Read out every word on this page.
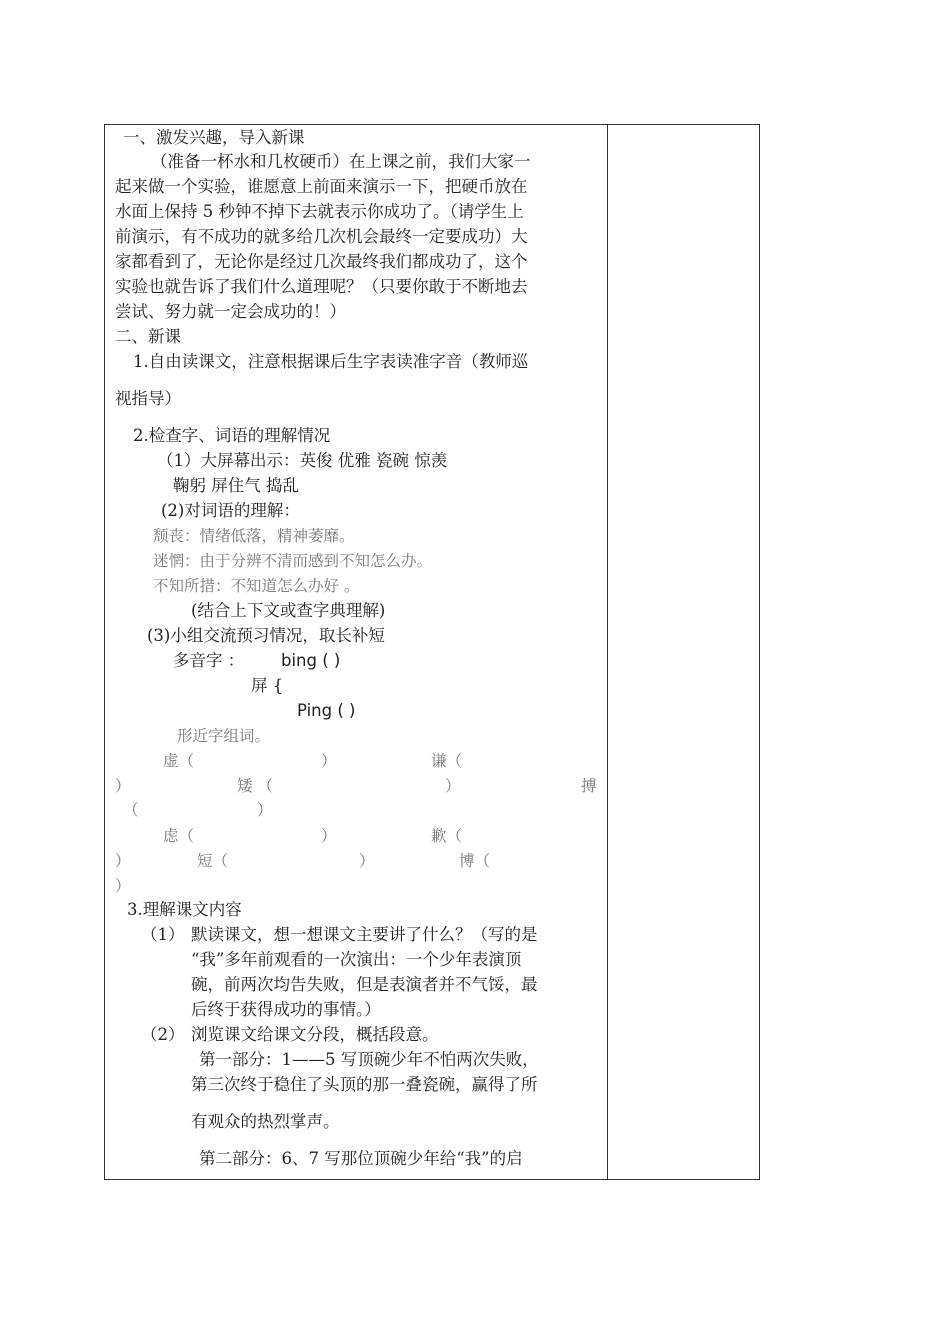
一、激发兴趣，导入新课
（准备一杯水和几枚硬币）在上课之前，我们大家一
起来做一个实验，谁愿意上前面来演示一下，把硬币放在
水面上保持 5 秒钟不掉下去就表示你成功了。（请学生上
前演示，有不成功的就多给几次机会最终一定要成功）大
家都看到了，无论你是经过几次最终我们都成功了，这个
实验也就告诉了我们什么道理呢？（只要你敢于不断地去
尝试、努力就一定会成功的！）
二、新课
1.自由读课文，注意根据课后生字表读准字音（教师巡
视指导）
2.检查字、词语的理解情况
（1）大屏幕出示：英俊 优雅 瓷碗 惊羡
鞠躬 屏住气 捣乱
(2)对词语的理解：
颓丧：情绪低落，精神萎靡。
迷惘：由于分辨不清而感到不知怎么办。
不知所措：不知道怎么办好 。
(结合上下文或查字典理解)
(3)小组交流预习情况，取长补短
多音字 ： bing ( )
屏 {
Ping ( )
形近字组词。
虚（	）	谦（
）	矮 （	）	搏
（	）
虑（	）	歉（
）	短（	）	博（
）
3.理解课文内容
（1） 默读课文，想一想课文主要讲了什么？（写的是
“我”多年前观看的一次演出：一个少年表演顶
碗，前两次均告失败，但是表演者并不气馁，最
后终于获得成功的事情。）
（2） 浏览课文给课文分段，概括段意。
第一部分：1——5 写顶碗少年不怕两次失败，
第三次终于稳住了头顶的那一叠瓷碗，赢得了所
有观众的热烈掌声。
第二部分：6、7 写那位顶碗少年给“我”的启
